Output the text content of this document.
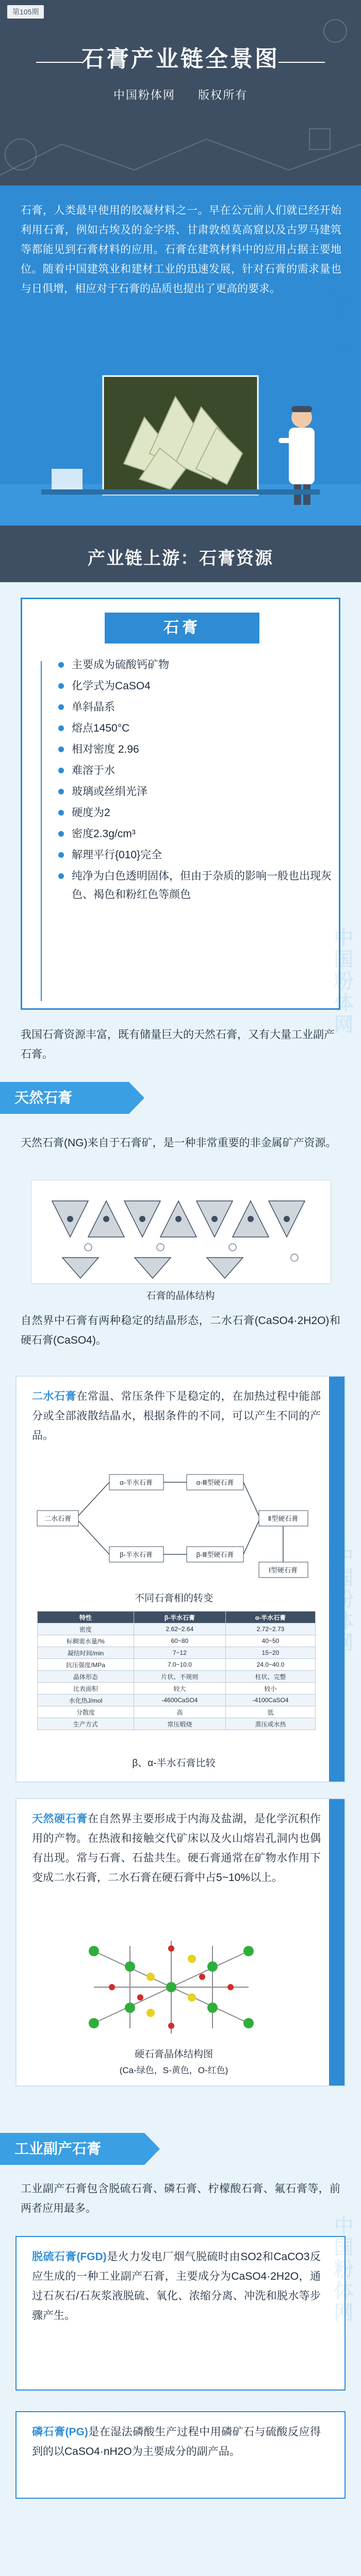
第105期
石膏产业链全景图
中国粉体网 版权所有
石膏，人类最早使用的胶凝材料之一。早在公元前人们就已经开始利用石膏，例如古埃及的金字塔、甘肃敦煌莫高窟以及古罗马建筑等都能见到石膏材料的应用。石膏在建筑材料中的应用占据主要地位。随着中国建筑业和建材工业的迅速发展，针对石膏的需求量也与日俱增，相应对于石膏的品质也提出了更高的要求。
产业链上游：石膏资源
石膏
主要成为硫酸钙矿物
化学式为CaSO4
单斜晶系
熔点1450°C
相对密度 2.96
难溶于水
玻璃或丝绢光泽
硬度为2
密度2.3g/cm³
解理平行{010}完全
纯净为白色透明固体，但由于杂质的影响一般也出现灰色、褐色和粉红色等颜色
我国石膏资源丰富，既有储量巨大的天然石膏，又有大量工业副产石膏。
天然石膏
天然石膏(NG)来自于石膏矿，是一种非常重要的非金属矿产资源。
石膏的晶体结构
自然界中石膏有两种稳定的结晶形态，二水石膏(CaSO4·2H2O)和硬石膏(CaSO4)。
二水石膏在常温、常压条件下是稳定的，在加热过程中能部分或全部液散结晶水，根据条件的不同，可以产生不同的产品。
二水石膏
α-半水石膏
β-半水石膏
α-Ⅲ型硬石膏
β-Ⅲ型硬石膏
Ⅱ型硬石膏
Ⅰ型硬石膏
不同石膏相的转变
特性	β-半水石膏	α-半水石膏
密度	2.62~2.64	2.72~2.73
标稠需水量/%	60~80	40~50
凝结时间/min	7~12	15~20
抗压强度/MPa	7.0~10.0	24.0~40.0
晶体形态	片状、不规则	柱状、完整
比表面积	较大	较小
水化热J/mol	-4600CaSO4	-4100CaSO4
分散度	高	低
生产方式	常压煅烧	蒸压或水热
β、α-半水石膏比较
天然硬石膏在自然界主要形成于内海及盐湖，是化学沉积作用的产物。在热液和接触交代矿床以及火山熔岩孔洞内也偶有出现。常与石膏、石盐共生。硬石膏通常在矿物水作用下变成二水石膏，二水石膏在硬石膏中占5~10%以上。
硬石膏晶体结构图
(Ca-绿色，S-黄色，O-红色)
工业副产石膏
工业副产石膏包含脱硫石膏、磷石膏、柠檬酸石膏、氟石膏等，前两者应用最多。
脱硫石膏(FGD)是火力发电厂烟气脱硫时由SO2和CaCO3反应生成的一种工业副产石膏，主要成分为CaSO4·2H2O，通过石灰石/石灰浆液脱硫、氧化、浓缩分离、冲洗和脱水等步骤产生。
磷石膏(PG)是在湿法磷酸生产过程中用磷矿石与硫酸反应得到的以CaSO4·nH2O为主要成分的副产品。
中国粉体网
中国粉体网
中国粉体网
中国粉体网
